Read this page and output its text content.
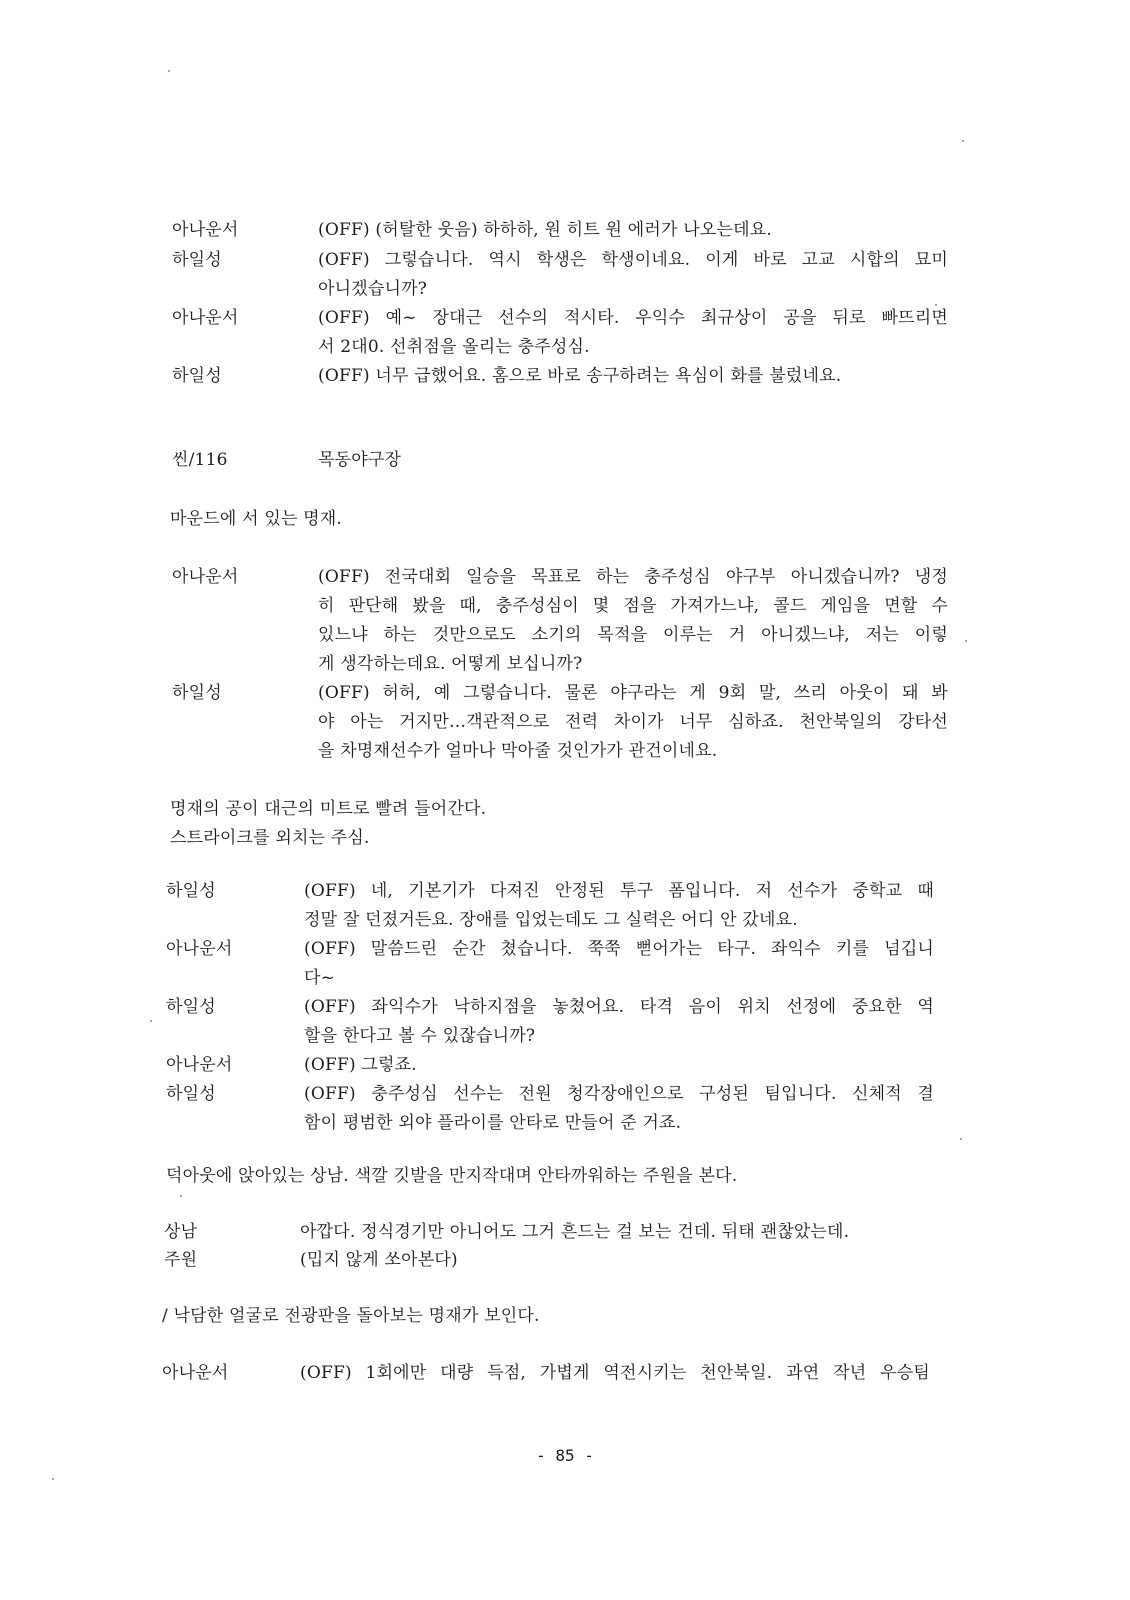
아나운서	(OFF) (허탈한 웃음) 하하하, 원 히트 원 에러가 나오는데요.
하일성	(OFF) 그렇습니다. 역시 학생은 학생이네요. 이게 바로 고교 시합의 묘미
아니겠습니까?
아나운서	(OFF) 예~ 장대근 선수의 적시타. 우익수 최규상이 공을 뒤로 빠뜨리면
서 2대0. 선취점을 올리는 충주성심.
하일성	(OFF) 너무 급했어요. 홈으로 바로 송구하려는 욕심이 화를 불렀네요.
씬/116	목동야구장
마운드에 서 있는 명재.
아나운서	(OFF) 전국대회 일승을 목표로 하는 충주성심 야구부 아니겠습니까? 냉정
히 판단해 봤을 때, 충주성심이 몇 점을 가져가느냐, 콜드 게임을 면할 수
있느냐 하는 것만으로도 소기의 목적을 이루는 거 아니겠느냐, 저는 이렇
게 생각하는데요. 어떻게 보십니까?
하일성	(OFF) 허허, 예 그렇습니다. 물론 야구라는 게 9회 말, 쓰리 아웃이 돼 봐
야 아는 거지만…객관적으로 전력 차이가 너무 심하죠. 천안북일의 강타선
을 차명재선수가 얼마나 막아줄 것인가가 관건이네요.
명재의 공이 대근의 미트로 빨려 들어간다.
스트라이크를 외치는 주심.
하일성	(OFF) 네, 기본기가 다져진 안정된 투구 폼입니다. 저 선수가 중학교 때
정말 잘 던졌거든요. 장애를 입었는데도 그 실력은 어디 안 갔네요.
아나운서	(OFF) 말씀드린 순간 쳤습니다. 쭉쭉 뻗어가는 타구. 좌익수 키를 넘깁니
다~
하일성	(OFF) 좌익수가 낙하지점을 놓쳤어요. 타격 음이 위치 선정에 중요한 역
할을 한다고 볼 수 있잖습니까?
아나운서	(OFF) 그렇죠.
하일성	(OFF) 충주성심 선수는 전원 청각장애인으로 구성된 팀입니다. 신체적 결
함이 평범한 외야 플라이를 안타로 만들어 준 거죠.
덕아웃에 앉아있는 상남. 색깔 깃발을 만지작대며 안타까워하는 주원을 본다.
상남	아깝다. 정식경기만 아니어도 그거 흔드는 걸 보는 건데. 뒤태 괜찮았는데.
주원	(밉지 않게 쏘아본다)
/ 낙담한 얼굴로 전광판을 돌아보는 명재가 보인다.
아나운서	(OFF) 1회에만 대량 득점, 가볍게 역전시키는 천안북일. 과연 작년 우승팀
- 85 -
